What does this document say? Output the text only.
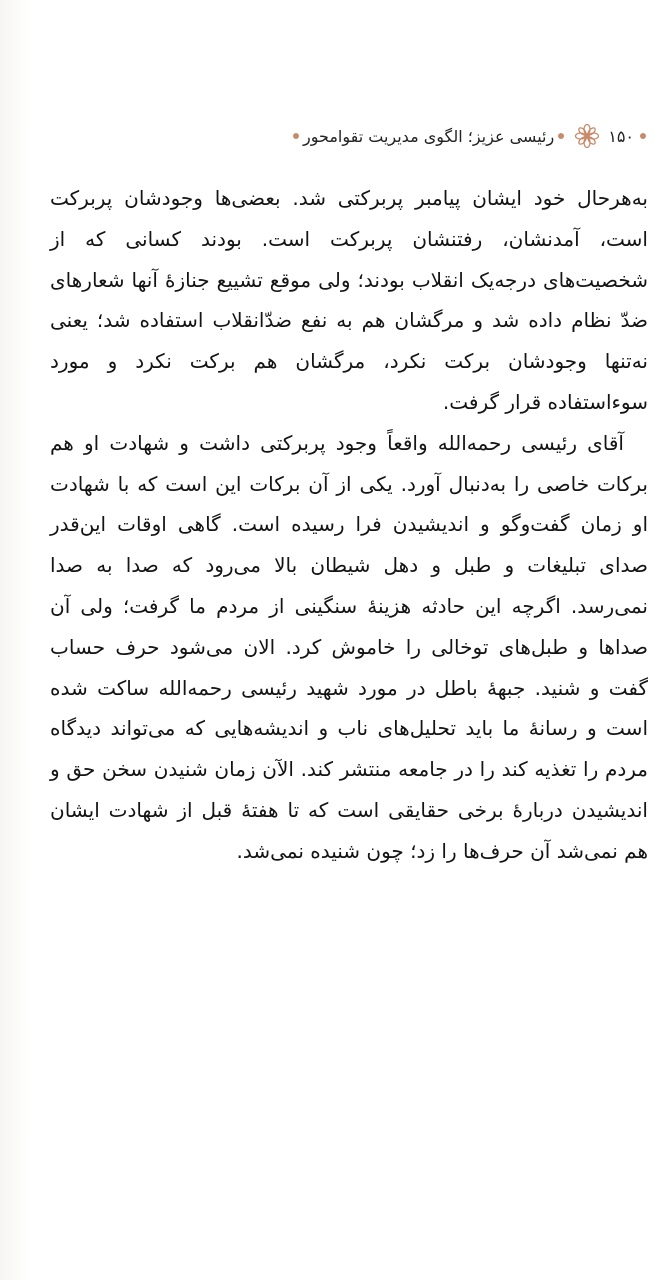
۱۵۰
رئیسی عزیز؛ الگوی مدیریت تقوامحور

به‌هرحال خود ایشان پیامبر پربرکتی شد. بعضی‌ها وجودشان پربرکت است، آمدنشان، رفتنشان پربرکت است. بودند کسانی که از شخصیت‌های درجه‌یک انقلاب بودند؛ ولی موقع تشییع جنازهٔ آنها شعارهای ضدّ نظام داده شد و مرگشان هم به نفع ضدّانقلاب استفاده شد؛ یعنی نه‌تنها وجودشان برکت نکرد، مرگشان هم برکت نکرد و مورد سوءاستفاده قرار گرفت.

آقای رئیسی رحمه‌الله واقعاً وجود پربرکتی داشت و شهادت او هم برکات خاصی را به‌دنبال آورد. یکی از آن برکات این است که با شهادت او زمان گفت‌وگو و اندیشیدن فرا رسیده است. گاهی اوقات این‌قدر صدای تبلیغات و طبل و دهل شیطان بالا می‌رود که صدا به صدا نمی‌رسد. اگرچه این حادثه هزینهٔ سنگینی از مردم ما گرفت؛ ولی آن صداها و طبل‌های توخالی را خاموش کرد. الان می‌شود حرف حساب گفت و شنید. جبههٔ باطل در مورد شهید رئیسی رحمه‌الله ساکت شده است و رسانهٔ ما باید تحلیل‌های ناب و اندیشه‌هایی که می‌تواند دیدگاه مردم را تغذیه کند را در جامعه منتشر کند. الآن زمان شنیدن سخن حق و اندیشیدن دربارهٔ برخی حقایقی است که تا هفتهٔ قبل از شهادت ایشان هم نمی‌شد آن حرف‌ها را زد؛ چون شنیده نمی‌شد.
